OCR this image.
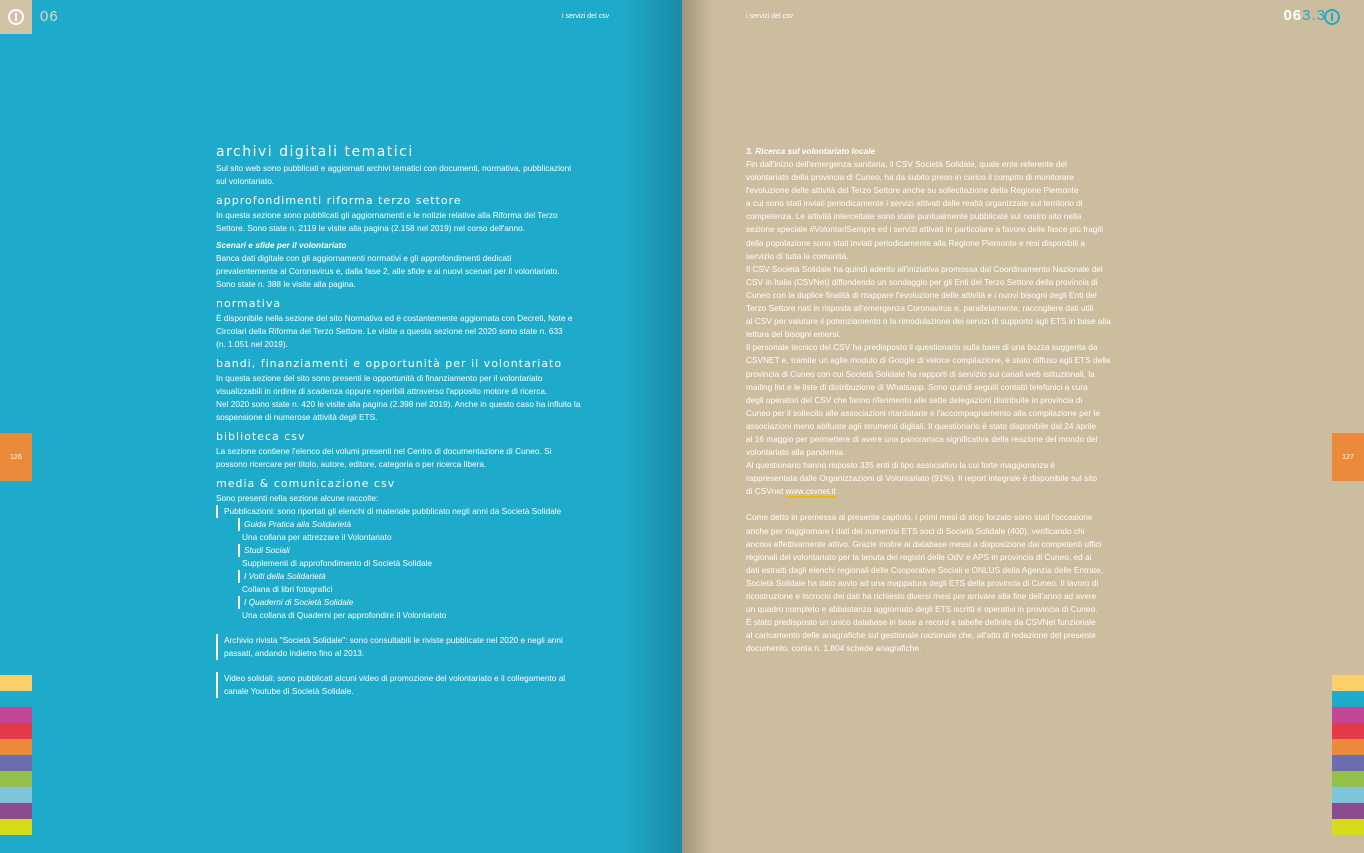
06	i servizi del csv
126
archivi digitali tematici
Sul sito web sono pubblicati e aggiornati archivi tematici con documenti, normativa, pubblicazioni
sul volontariato.
approfondimenti riforma terzo settore
In questa sezione sono pubblicati gli aggiornamenti e le notizie relative alla Riforma del Terzo
Settore. Sono state n. 2119 le visite alla pagina (2.158 nel 2019) nel corso dell'anno.
Scenari e sfide per il volontariato
Banca dati digitale con gli aggiornamenti normativi e gli approfondimenti dedicati
prevalentemente al Coronavirus e, dalla fase 2, alle sfide e ai nuovi scenari per il volontariato.
Sono state n. 388 le visite alla pagina.
normativa
È disponibile nella sezione del sito Normativa ed è costantemente aggiornata con Decreti, Note e
Circolari della Riforma del Terzo Settore. Le visite a questa sezione nel 2020 sono state n. 633
(n. 1.051 nel 2019).
bandi, finanziamenti e opportunità per il volontariato
In questa sezione del sito sono presenti le opportunità di finanziamento per il volontariato
visualizzabili in ordine di scadenza oppure reperibili attraverso l'apposito motore di ricerca.
Nel 2020 sono state n. 420 le visite alla pagina (2.398 nel 2019). Anche in questo caso ha influito la
sospensione di numerose attività degli ETS.
biblioteca csv
La sezione contiene l'elenco dei volumi presenti nel Centro di documentazione di Cuneo. Si
possono ricercare per titolo, autore, editore, categoria o per ricerca libera.
media & comunicazione csv
Sono presenti nella sezione alcune raccolte:
Pubblicazioni: sono riportati gli elenchi di materiale pubblicato negli anni da Società Solidale
Guida Pratica alla Solidarietà
Una collana per attrezzare il Volontariato
Studi Sociali
Supplementi di approfondimento di Società Solidale
I Volti della Solidarietà
Collana di libri fotografici
I Quaderni di Società Solidale
Una collana di Quaderni per approfondire il Volontariato
Archivio rivista "Società Solidale": sono consultabili le riviste pubblicate nel 2020 e negli anni
passati, andando indietro fino al 2013.
Video solidali: sono pubblicati alcuni video di promozione del volontariato e il collegamento al
canale Youtube di Società Solidale.
i servizi del csv	063.3
127
3. Ricerca sul volontariato locale
Fin dall'inizio dell'emergenza sanitaria, il CSV Società Solidale, quale ente referente del
volontariato della provincia di Cuneo, ha da subito preso in carico il compito di monitorare
l'evoluzione delle attività del Terzo Settore anche su sollecitazione della Regione Piemonte
a cui sono stati inviati periodicamente i servizi attivati dalle realtà organizzate sul territorio di
competenza. Le attività intercettate sono state puntualmente pubblicate sul nostro sito nella
sezione speciale #VolontariSempre ed i servizi attivati in particolare a favore delle fasce più fragili
della popolazione sono stati inviati periodicamente alla Regione Piemonte e resi disponibili a
servizio di tutta la comunità.
Il CSV Società Solidale ha quindi aderito all'iniziativa promossa dal Coordinamento Nazionale dei
CSV in Italia (CSVNet) diffondendo un sondaggio per gli Enti del Terzo Settore della provincia di
Cuneo con la duplice finalità di mappare l'evoluzione delle attività e i nuovi bisogni degli Enti del
Terzo Settore nati in risposta all'emergenza Coronavirus e, parallelamente, raccogliere dati utili
al CSV per valutare il potenziamento o la rimodulazione dei servizi di supporto agli ETS in base alla
lettura dei bisogni emersi.
Il personale tecnico del CSV ha predisposto il questionario sulla base di una bozza suggerita da
CSVNET e, tramite un agile modulo di Google di veloce compilazione, è stato diffuso agli ETS della
provincia di Cuneo con cui Società Solidale ha rapporti di servizio sui canali web istituzionali, la
mailing list e le liste di distribuzione di Whatsapp. Sono quindi seguiti contatti telefonici a cura
degli operatori del CSV che fanno riferimento alle sette delegazioni distribuite in provincia di
Cuneo per il sollecito alle associazioni ritardatarie e l'accompagnamento alla compilazione per le
associazioni meno abituate agli strumenti digitali. Il questionario è stato disponibile dal 24 aprile
al 16 maggio per permettere di avere una panoramica significativa della reazione del mondo del
volontariato alla pandemia.
Al questionario hanno risposto 335 enti di tipo associativo la cui forte maggioranza è
rappresentata dalle Organizzazioni di Volontariato (91%). Il report integrale è disponibile sul sito
di CSVnet www.csvnet.it
Come detto in premessa al presente capitolo, i primi mesi di stop forzato sono stati l'occasione
anche per riaggiornare i dati dei numerosi ETS soci di Società Solidale (400), verificando chi
ancora effettivamente attivo. Grazie inoltre ai database messi a disposizione dai competenti uffici
regionali del volontariato per la tenuta dei registri delle OdV e APS in provincia di Cuneo, ed ai
dati estratti dagli elenchi regionali delle Cooperative Sociali e ONLUS della Agenzia delle Entrate,
Società Solidale ha dato avvio ad una mappatura degli ETS della provincia di Cuneo. Il lavoro di
ricostruzione e incrocio dei dati ha richiesto diversi mesi per arrivare alla fine dell'anno ad avere
un quadro completo e abbastanza aggiornato degli ETS iscritti e operativi in provincia di Cuneo.
È stato predisposto un unico database in base a record e tabelle definite da CSVNet funzionale
al caricamento delle anagrafiche sul gestionale nazionale che, all'atto di redazione del presente
documento, conta n. 1.804 schede anagrafiche.
